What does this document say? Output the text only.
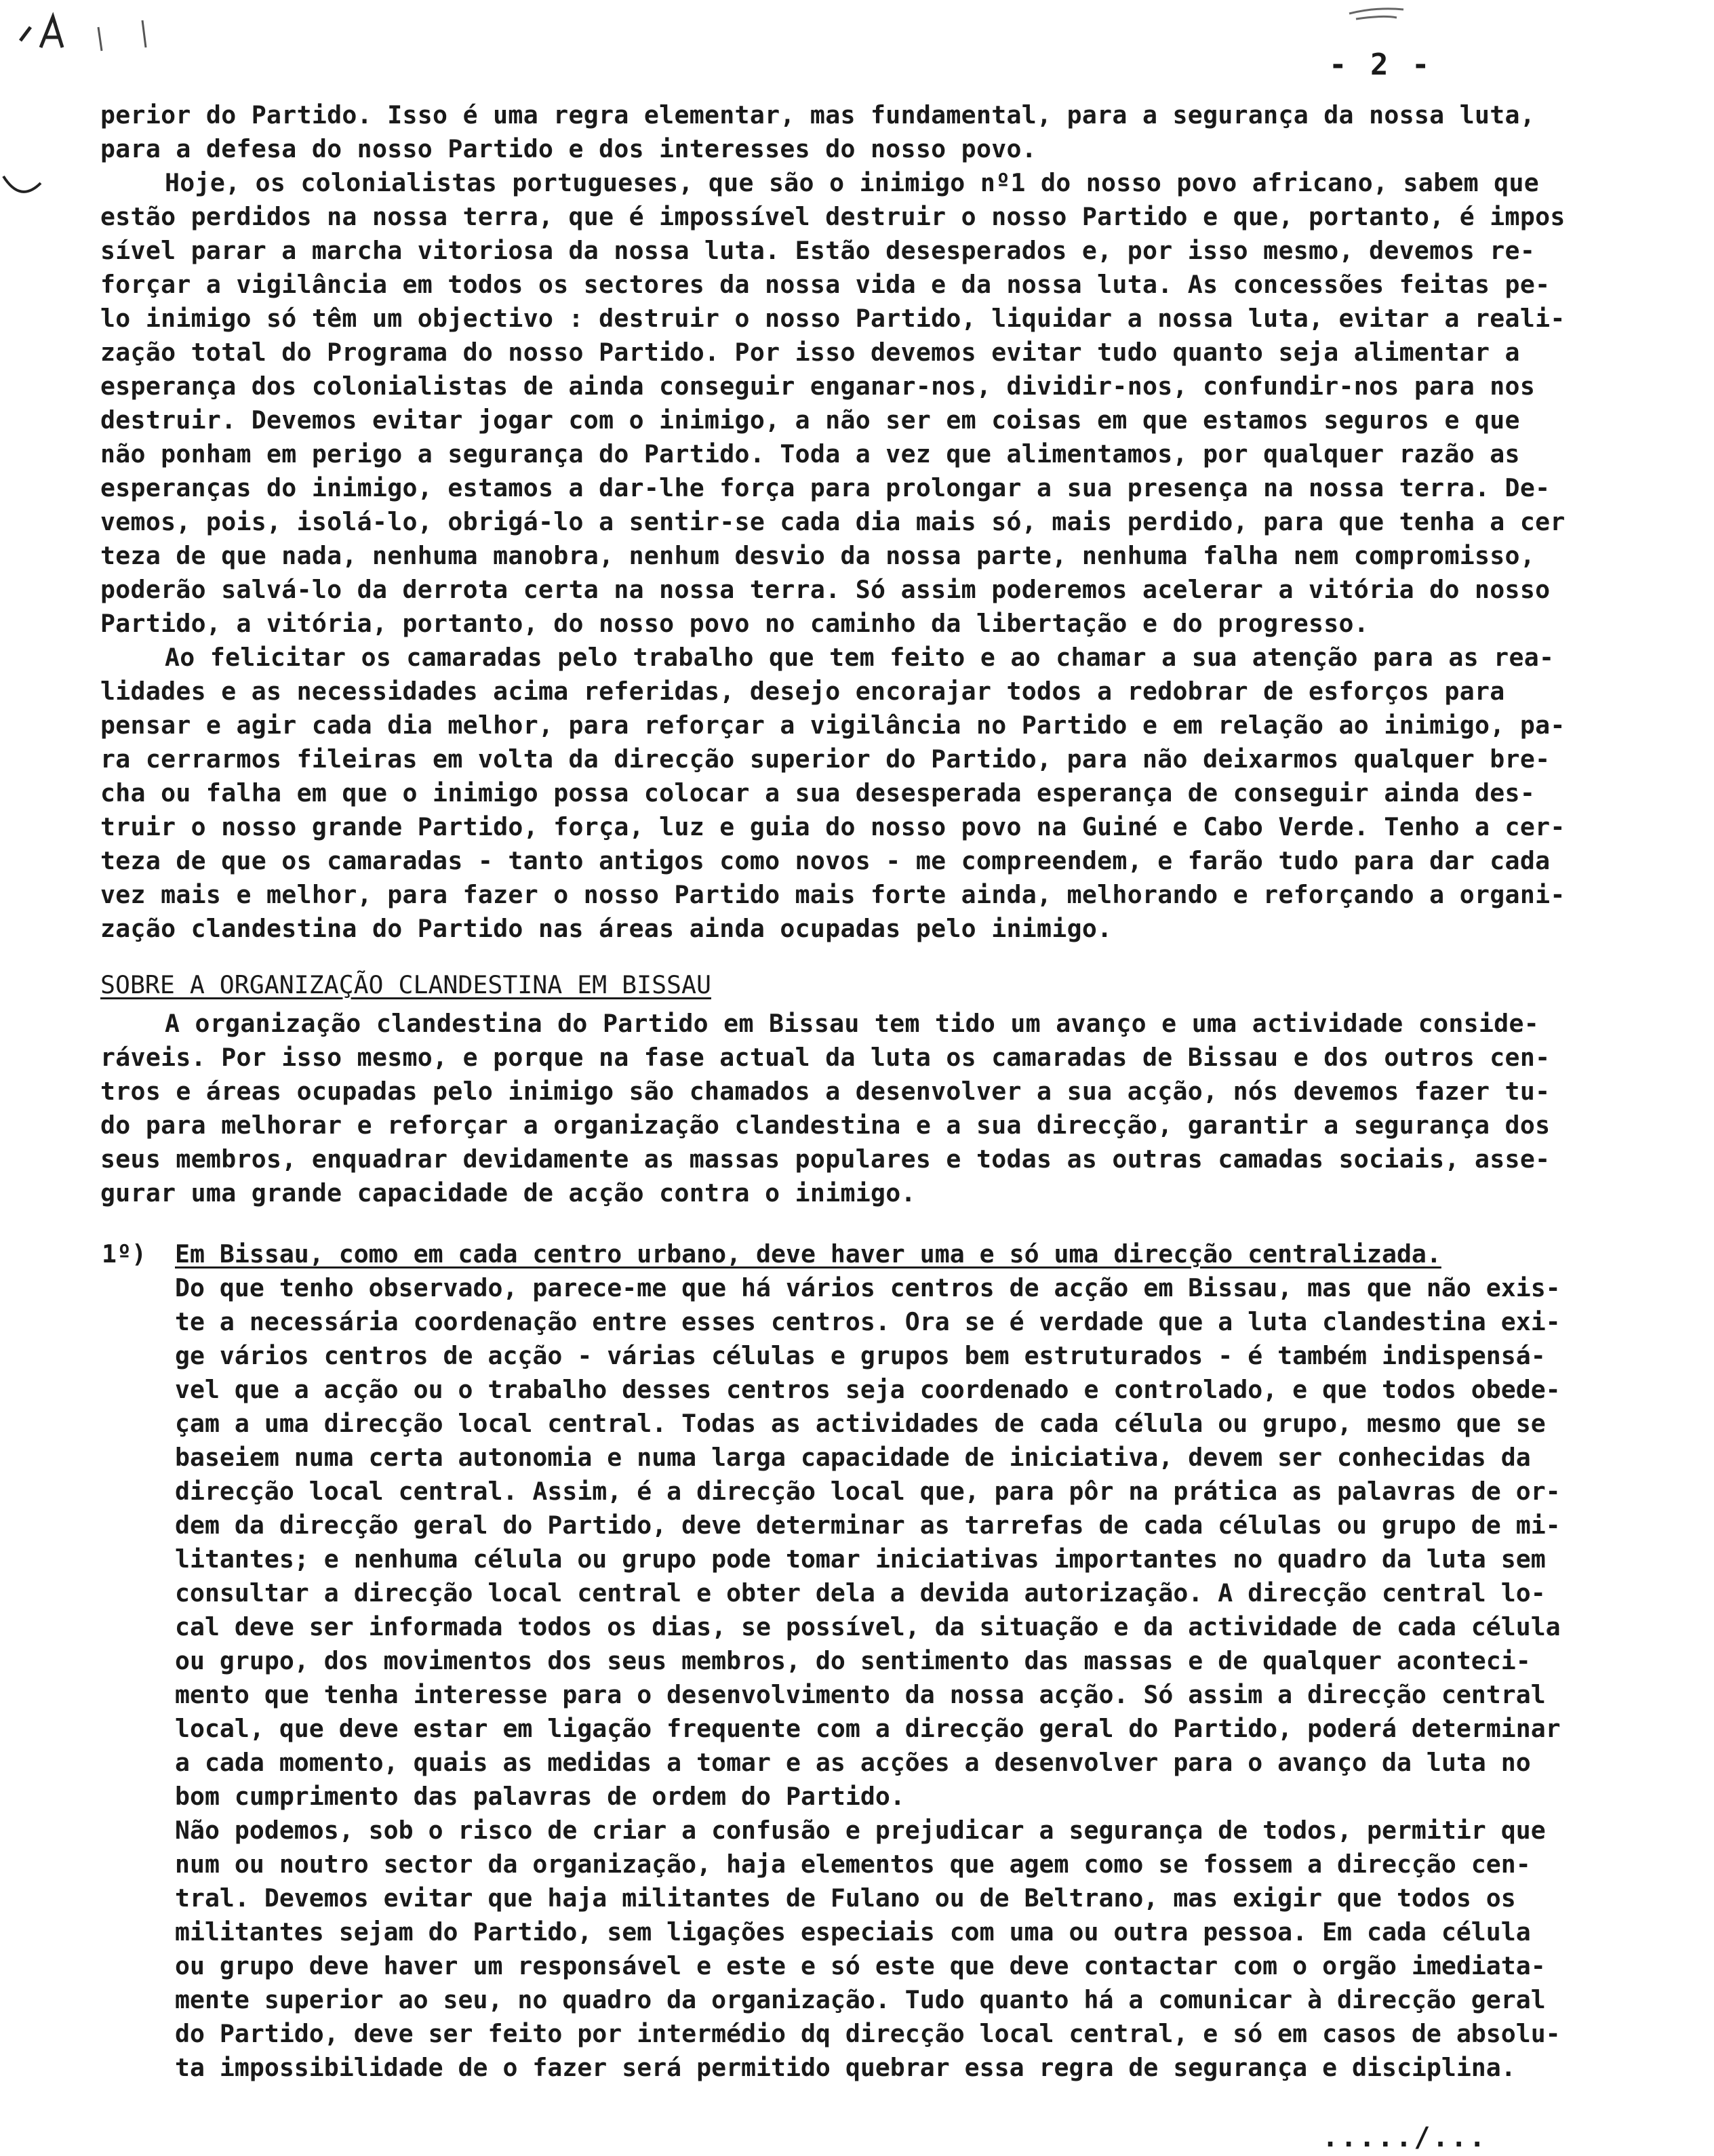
- 2 -
perior do Partido. Isso é uma regra elementar, mas fundamental, para a segurança da nossa luta,
para a defesa do nosso Partido e dos interesses do nosso povo.
Hoje, os colonialistas portugueses, que são o inimigo nº1 do nosso povo africano, sabem que
estão perdidos na nossa terra, que é impossível destruir o nosso Partido e que, portanto, é impos
sível parar a marcha vitoriosa da nossa luta. Estão desesperados e, por isso mesmo, devemos re-
forçar a vigilância em todos os sectores da nossa vida e da nossa luta. As concessões feitas pe-
lo inimigo só têm um objectivo : destruir o nosso Partido, liquidar a nossa luta, evitar a reali-
zação total do Programa do nosso Partido. Por isso devemos evitar tudo quanto seja alimentar a
esperança dos colonialistas de ainda conseguir enganar-nos, dividir-nos, confundir-nos para nos
destruir. Devemos evitar jogar com o inimigo, a não ser em coisas em que estamos seguros e que
não ponham em perigo a segurança do Partido. Toda a vez que alimentamos, por qualquer razão as
esperanças do inimigo, estamos a dar-lhe força para prolongar a sua presença na nossa terra. De-
vemos, pois, isolá-lo, obrigá-lo a sentir-se cada dia mais só, mais perdido, para que tenha a cer
teza de que nada, nenhuma manobra, nenhum desvio da nossa parte, nenhuma falha nem compromisso,
poderão salvá-lo da derrota certa na nossa terra. Só assim poderemos acelerar a vitória do nosso
Partido, a vitória, portanto, do nosso povo no caminho da libertação e do progresso.
Ao felicitar os camaradas pelo trabalho que tem feito e ao chamar a sua atenção para as rea-
lidades e as necessidades acima referidas, desejo encorajar todos a redobrar de esforços para
pensar e agir cada dia melhor, para reforçar a vigilância no Partido e em relação ao inimigo, pa-
ra cerrarmos fileiras em volta da direcção superior do Partido, para não deixarmos qualquer bre-
cha ou falha em que o inimigo possa colocar a sua desesperada esperança de conseguir ainda des-
truir o nosso grande Partido, força, luz e guia do nosso povo na Guiné e Cabo Verde. Tenho a cer-
teza de que os camaradas - tanto antigos como novos - me compreendem, e farão tudo para dar cada
vez mais e melhor, para fazer o nosso Partido mais forte ainda, melhorando e reforçando a organi-
zação clandestina do Partido nas áreas ainda ocupadas pelo inimigo.
SOBRE A ORGANIZAÇÃO CLANDESTINA EM BISSAU
A organização clandestina do Partido em Bissau tem tido um avanço e uma actividade conside-
ráveis. Por isso mesmo, e porque na fase actual da luta os camaradas de Bissau e dos outros cen-
tros e áreas ocupadas pelo inimigo são chamados a desenvolver a sua acção, nós devemos fazer tu-
do para melhorar e reforçar a organização clandestina e a sua direcção, garantir a segurança dos
seus membros, enquadrar devidamente as massas populares e todas as outras camadas sociais, asse-
gurar uma grande capacidade de acção contra o inimigo.
1º) Em Bissau, como em cada centro urbano, deve haver uma e só uma direcção centralizada.
Do que tenho observado, parece-me que há vários centros de acção em Bissau, mas que não exis-
te a necessária coordenação entre esses centros. Ora se é verdade que a luta clandestina exi-
ge vários centros de acção - várias células e grupos bem estruturados - é também indispensá-
vel que a acção ou o trabalho desses centros seja coordenado e controlado, e que todos obede-
çam a uma direcção local central. Todas as actividades de cada célula ou grupo, mesmo que se
baseiem numa certa autonomia e numa larga capacidade de iniciativa, devem ser conhecidas da
direcção local central. Assim, é a direcção local que, para pôr na prática as palavras de or-
dem da direcção geral do Partido, deve determinar as tarrefas de cada células ou grupo de mi-
litantes; e nenhuma célula ou grupo pode tomar iniciativas importantes no quadro da luta sem
consultar a direcção local central e obter dela a devida autorização. A direcção central lo-
cal deve ser informada todos os dias, se possível, da situação e da actividade de cada célula
ou grupo, dos movimentos dos seus membros, do sentimento das massas e de qualquer aconteci-
mento que tenha interesse para o desenvolvimento da nossa acção. Só assim a direcção central
local, que deve estar em ligação frequente com a direcção geral do Partido, poderá determinar
a cada momento, quais as medidas a tomar e as acções a desenvolver para o avanço da luta no
bom cumprimento das palavras de ordem do Partido.
Não podemos, sob o risco de criar a confusão e prejudicar a segurança de todos, permitir que
num ou noutro sector da organização, haja elementos que agem como se fossem a direcção cen-
tral. Devemos evitar que haja militantes de Fulano ou de Beltrano, mas exigir que todos os
militantes sejam do Partido, sem ligações especiais com uma ou outra pessoa. Em cada célula
ou grupo deve haver um responsável e este e só este que deve contactar com o orgão imediata-
mente superior ao seu, no quadro da organização. Tudo quanto há a comunicar à direcção geral
do Partido, deve ser feito por intermédio dq direcção local central, e só em casos de absolu-
ta impossibilidade de o fazer será permitido quebrar essa regra de segurança e disciplina.
...../...
